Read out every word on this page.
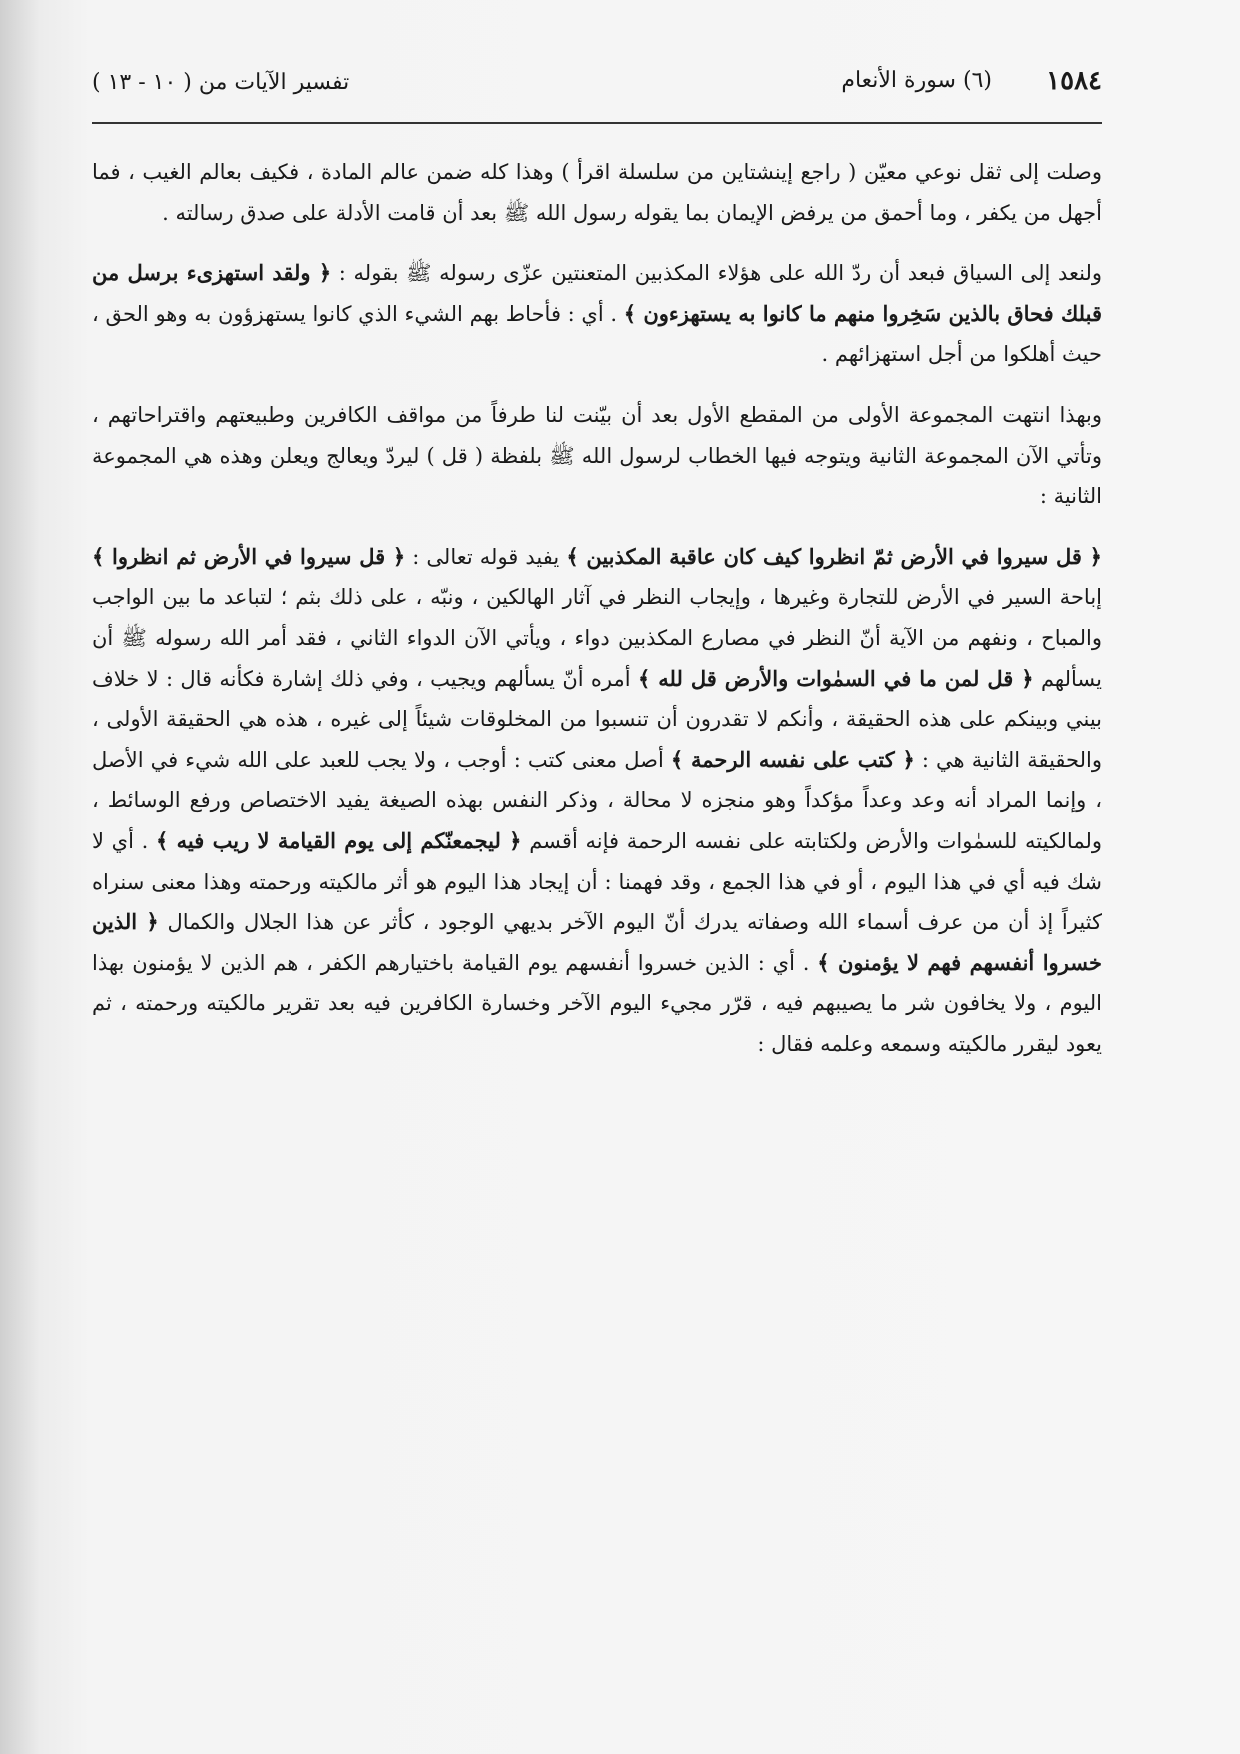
١٥٨٤
(٦) سورة الأنعام
تفسير الآيات من ( ١٠ - ١٣ )

وصلت إلى ثقل نوعي معيّن ( راجع إينشتاين من سلسلة اقرأ ) وهذا كله ضمن عالم المادة ، فكيف بعالم الغيب ، فما أجهل من يكفر ، وما أحمق من يرفض الإيمان بما يقوله رسول الله ﷺ بعد أن قامت الأدلة على صدق رسالته .

ولنعد إلى السياق فبعد أن ردّ الله على هؤلاء المكذبين المتعنتين عزّى رسوله ﷺ بقوله : ﴿ ولقد استهزىء برسل من قبلك فحاق بالذين سَخِروا منهم ما كانوا به يستهزءون ﴾ . أي : فأحاط بهم الشيء الذي كانوا يستهزؤون به وهو الحق ، حيث أهلكوا من أجل استهزائهم .

وبهذا انتهت المجموعة الأولى من المقطع الأول بعد أن بيّنت لنا طرفاً من مواقف الكافرين وطبيعتهم واقتراحاتهم ، وتأتي الآن المجموعة الثانية ويتوجه فيها الخطاب لرسول الله ﷺ بلفظة ( قل ) ليردّ ويعالج ويعلن وهذه هي المجموعة الثانية :

﴿ قل سيروا في الأرض ثمّ انظروا كيف كان عاقبة المكذبين ﴾ يفيد قوله تعالى : ﴿ قل سيروا في الأرض ثم انظروا ﴾ إباحة السير في الأرض للتجارة وغيرها ، وإيجاب النظر في آثار الهالكين ، ونبّه ، على ذلك بثم ؛ لتباعد ما بين الواجب والمباح ، ونفهم من الآية أنّ النظر في مصارع المكذبين دواء ، ويأتي الآن الدواء الثاني ، فقد أمر الله رسوله ﷺ أن يسألهم ﴿ قل لمن ما في السمٰوات والأرض قل لله ﴾ أمره أنّ يسألهم ويجيب ، وفي ذلك إشارة فكأنه قال : لا خلاف بيني وبينكم على هذه الحقيقة ، وأنكم لا تقدرون أن تنسبوا من المخلوقات شيئاً إلى غيره ، هذه هي الحقيقة الأولى ، والحقيقة الثانية هي : ﴿ كتب على نفسه الرحمة ﴾ أصل معنى كتب : أوجب ، ولا يجب للعبد على الله شيء في الأصل ، وإنما المراد أنه وعد وعداً مؤكداً وهو منجزه لا محالة ، وذكر النفس بهذه الصيغة يفيد الاختصاص ورفع الوسائط ، ولمالكيته للسمٰوات والأرض ولكتابته على نفسه الرحمة فإنه أقسم ﴿ ليجمعنّكم إلى يوم القيامة لا ريب فيه ﴾ . أي لا شك فيه أي في هذا اليوم ، أو في هذا الجمع ، وقد فهمنا : أن إيجاد هذا اليوم هو أثر مالكيته ورحمته وهذا معنى سنراه كثيراً إذ أن من عرف أسماء الله وصفاته يدرك أنّ اليوم الآخر بديهي الوجود ، كأثر عن هذا الجلال والكمال ﴿ الذين خسروا أنفسهم فهم لا يؤمنون ﴾ . أي : الذين خسروا أنفسهم يوم القيامة باختيارهم الكفر ، هم الذين لا يؤمنون بهذا اليوم ، ولا يخافون شر ما يصيبهم فيه ، قرّر مجيء اليوم الآخر وخسارة الكافرين فيه بعد تقرير مالكيته ورحمته ، ثم يعود ليقرر مالكيته وسمعه وعلمه فقال :
